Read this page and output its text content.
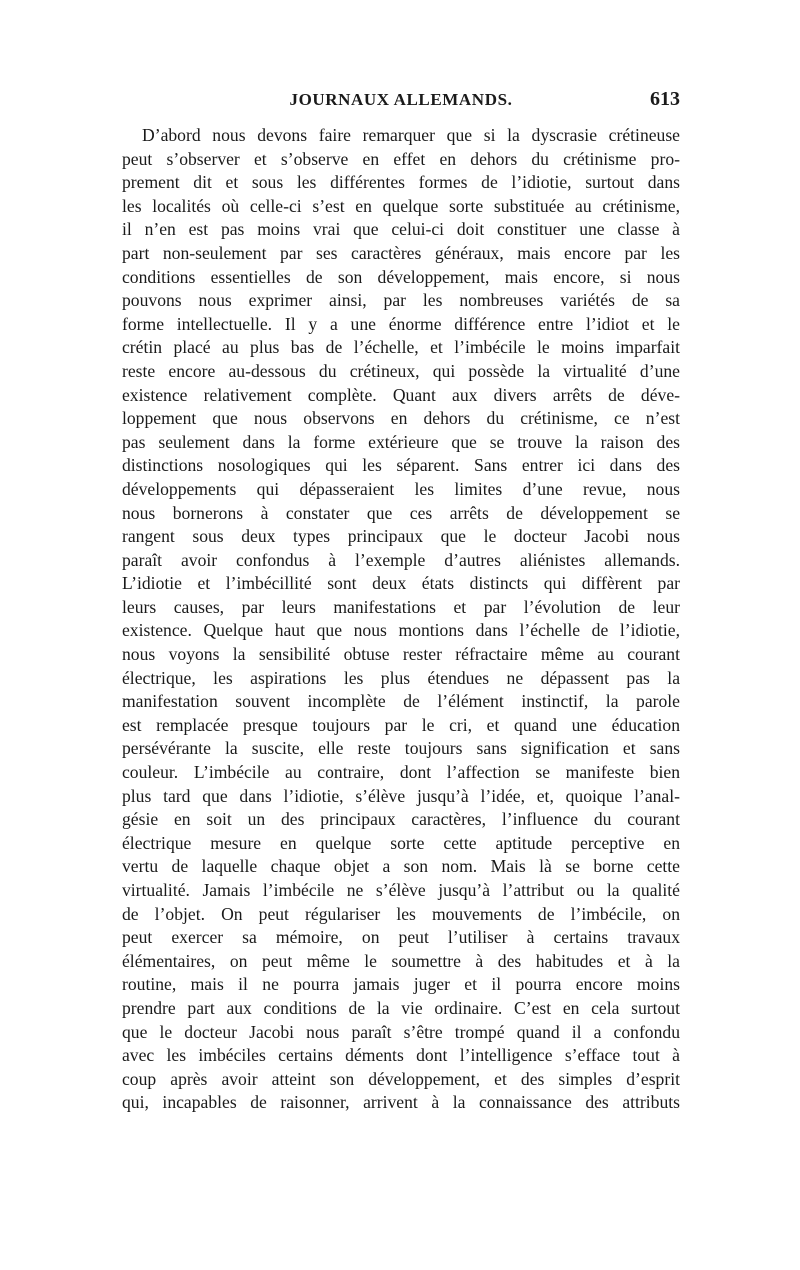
JOURNAUX ALLEMANDS.	613
D’abord nous devons faire remarquer que si la dyscrasie crétineuse
peut s’observer et s’observe en effet en dehors du crétinisme pro-
prement dit et sous les différentes formes de l’idiotie, surtout dans
les localités où celle-ci s’est en quelque sorte substituée au crétinisme,
il n’en est pas moins vrai que celui-ci doit constituer une classe à
part non-seulement par ses caractères généraux, mais encore par les
conditions essentielles de son développement, mais encore, si nous
pouvons nous exprimer ainsi, par les nombreuses variétés de sa
forme intellectuelle. Il y a une énorme différence entre l’idiot et le
crétin placé au plus bas de l’échelle, et l’imbécile le moins imparfait
reste encore au-dessous du crétineux, qui possède la virtualité d’une
existence relativement complète. Quant aux divers arrêts de déve-
loppement que nous observons en dehors du crétinisme, ce n’est
pas seulement dans la forme extérieure que se trouve la raison des
distinctions nosologiques qui les séparent. Sans entrer ici dans des
développements qui dépasseraient les limites d’une revue, nous
nous bornerons à constater que ces arrêts de développement se
rangent sous deux types principaux que le docteur Jacobi nous
paraît avoir confondus à l’exemple d’autres aliénistes allemands.
L’idiotie et l’imbécillité sont deux états distincts qui diffèrent par
leurs causes, par leurs manifestations et par l’évolution de leur
existence. Quelque haut que nous montions dans l’échelle de l’idiotie,
nous voyons la sensibilité obtuse rester réfractaire même au courant
électrique, les aspirations les plus étendues ne dépassent pas la
manifestation souvent incomplète de l’élément instinctif, la parole
est remplacée presque toujours par le cri, et quand une éducation
persévérante la suscite, elle reste toujours sans signification et sans
couleur. L’imbécile au contraire, dont l’affection se manifeste bien
plus tard que dans l’idiotie, s’élève jusqu’à l’idée, et, quoique l’anal-
gésie en soit un des principaux caractères, l’influence du courant
électrique mesure en quelque sorte cette aptitude perceptive en
vertu de laquelle chaque objet a son nom. Mais là se borne cette
virtualité. Jamais l’imbécile ne s’élève jusqu’à l’attribut ou la qualité
de l’objet. On peut régulariser les mouvements de l’imbécile, on
peut exercer sa mémoire, on peut l’utiliser à certains travaux
élémentaires, on peut même le soumettre à des habitudes et à la
routine, mais il ne pourra jamais juger et il pourra encore moins
prendre part aux conditions de la vie ordinaire. C’est en cela surtout
que le docteur Jacobi nous paraît s’être trompé quand il a confondu
avec les imbéciles certains déments dont l’intelligence s’efface tout à
coup après avoir atteint son développement, et des simples d’esprit
qui, incapables de raisonner, arrivent à la connaissance des attributs
